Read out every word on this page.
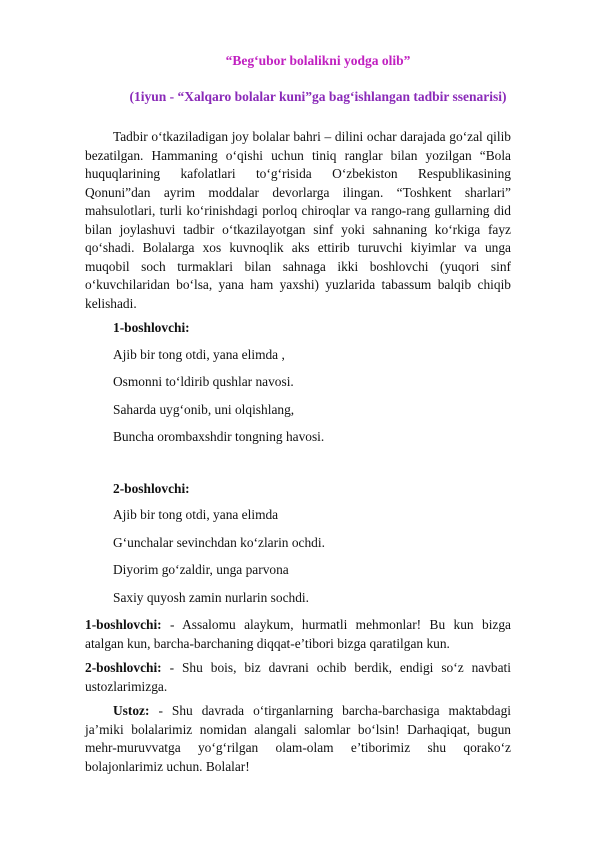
“Beg‘ubor bolalikni yodga olib”
(1iyun - “Xalqaro bolalar kuni”ga bag‘ishlangan tadbir ssenarisi)

Tadbir o‘tkaziladigan joy bolalar bahri – dilini ochar darajada go‘zal qilib bezatilgan. Hammaning o‘qishi uchun tiniq ranglar bilan yozilgan “Bola huquqlarining kafolatlari to‘g‘risida O‘zbekiston Respublikasining Qonuni”dan ayrim moddalar devorlarga ilingan. “Toshkent sharlari” mahsulotlari, turli ko‘rinishdagi porloq chiroqlar va rango-rang gullarning did bilan joylashuvi tadbir o‘tkazilayotgan sinf yoki sahnaning ko‘rkiga fayz qo‘shadi. Bolalarga xos kuvnoqlik aks ettirib turuvchi kiyimlar va unga muqobil soch turmaklari bilan sahnaga ikki boshlovchi (yuqori sinf o‘kuvchilaridan bo‘lsa, yana ham yaxshi) yuzlarida tabassum balqib chiqib kelishadi.

1-boshlovchi:

Ajib bir tong otdi, yana elimda ,

Osmonni to‘ldirib qushlar navosi.

Saharda uyg‘onib, uni olqishlang,

Buncha orombaxshdir tongning havosi.

2-boshlovchi:

Ajib bir tong otdi, yana elimda

G‘unchalar sevinchdan ko‘zlarin ochdi.

Diyorim go‘zaldir, unga parvona

Saxiy quyosh zamin nurlarin sochdi.

1-boshlovchi: - Assalomu alaykum, hurmatli mehmonlar! Bu kun bizga atalgan kun, barcha-barchaning diqqat-e’tibori bizga qaratilgan kun.

2-boshlovchi: - Shu bois, biz davrani ochib berdik, endigi so‘z navbati ustozlarimizga.

Ustoz: - Shu davrada o‘tirganlarning barcha-barchasiga maktabdagi ja’miki bolalarimiz nomidan alangali salomlar bo‘lsin! Darhaqiqat, bugun mehr-muruvvatga yo‘g‘rilgan olam-olam e’tiborimiz shu qorako‘z bolajonlarimiz uchun. Bolalar!
